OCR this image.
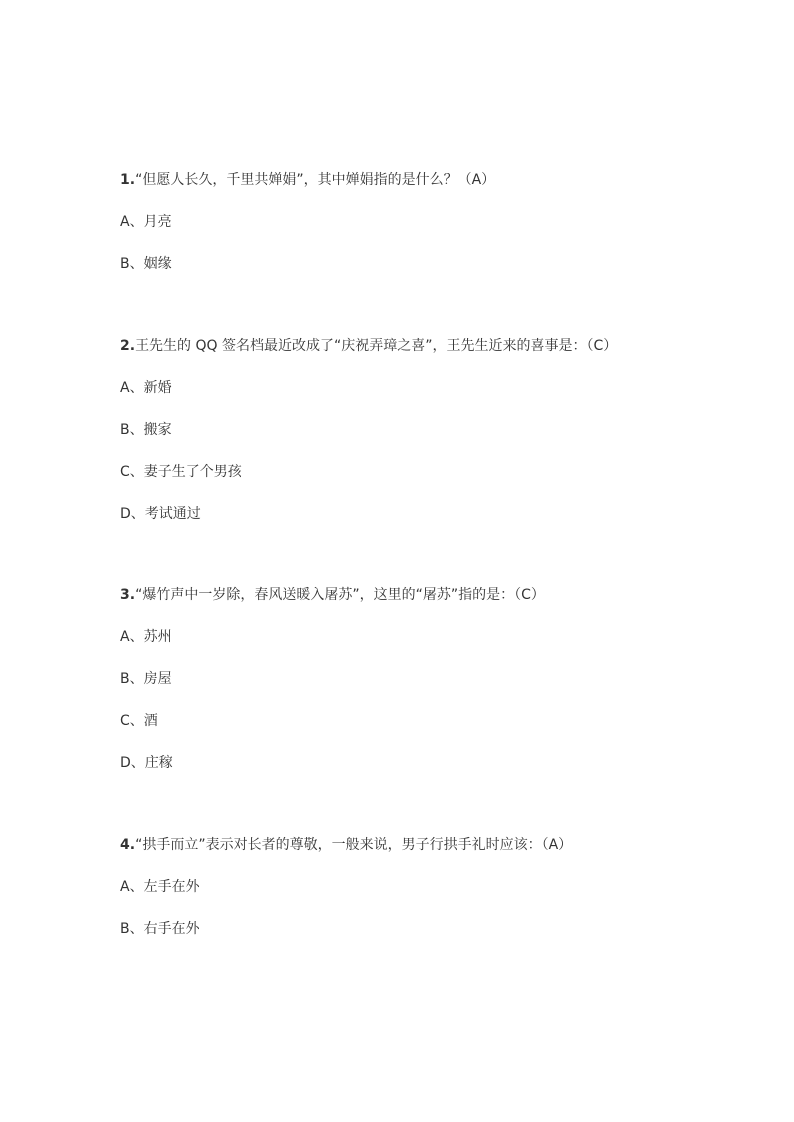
1.“但愿人长久，千里共婵娟”，其中婵娟指的是什么？（A）
A、月亮
B、姻缘
2.王先生的 QQ 签名档最近改成了“庆祝弄璋之喜”，王先生近来的喜事是：（C）
A、新婚
B、搬家
C、妻子生了个男孩
D、考试通过
3.“爆竹声中一岁除，春风送暖入屠苏”，这里的“屠苏”指的是：（C）
A、苏州
B、房屋
C、酒
D、庄稼
4.“拱手而立”表示对长者的尊敬，一般来说，男子行拱手礼时应该：（A）
A、左手在外
B、右手在外
